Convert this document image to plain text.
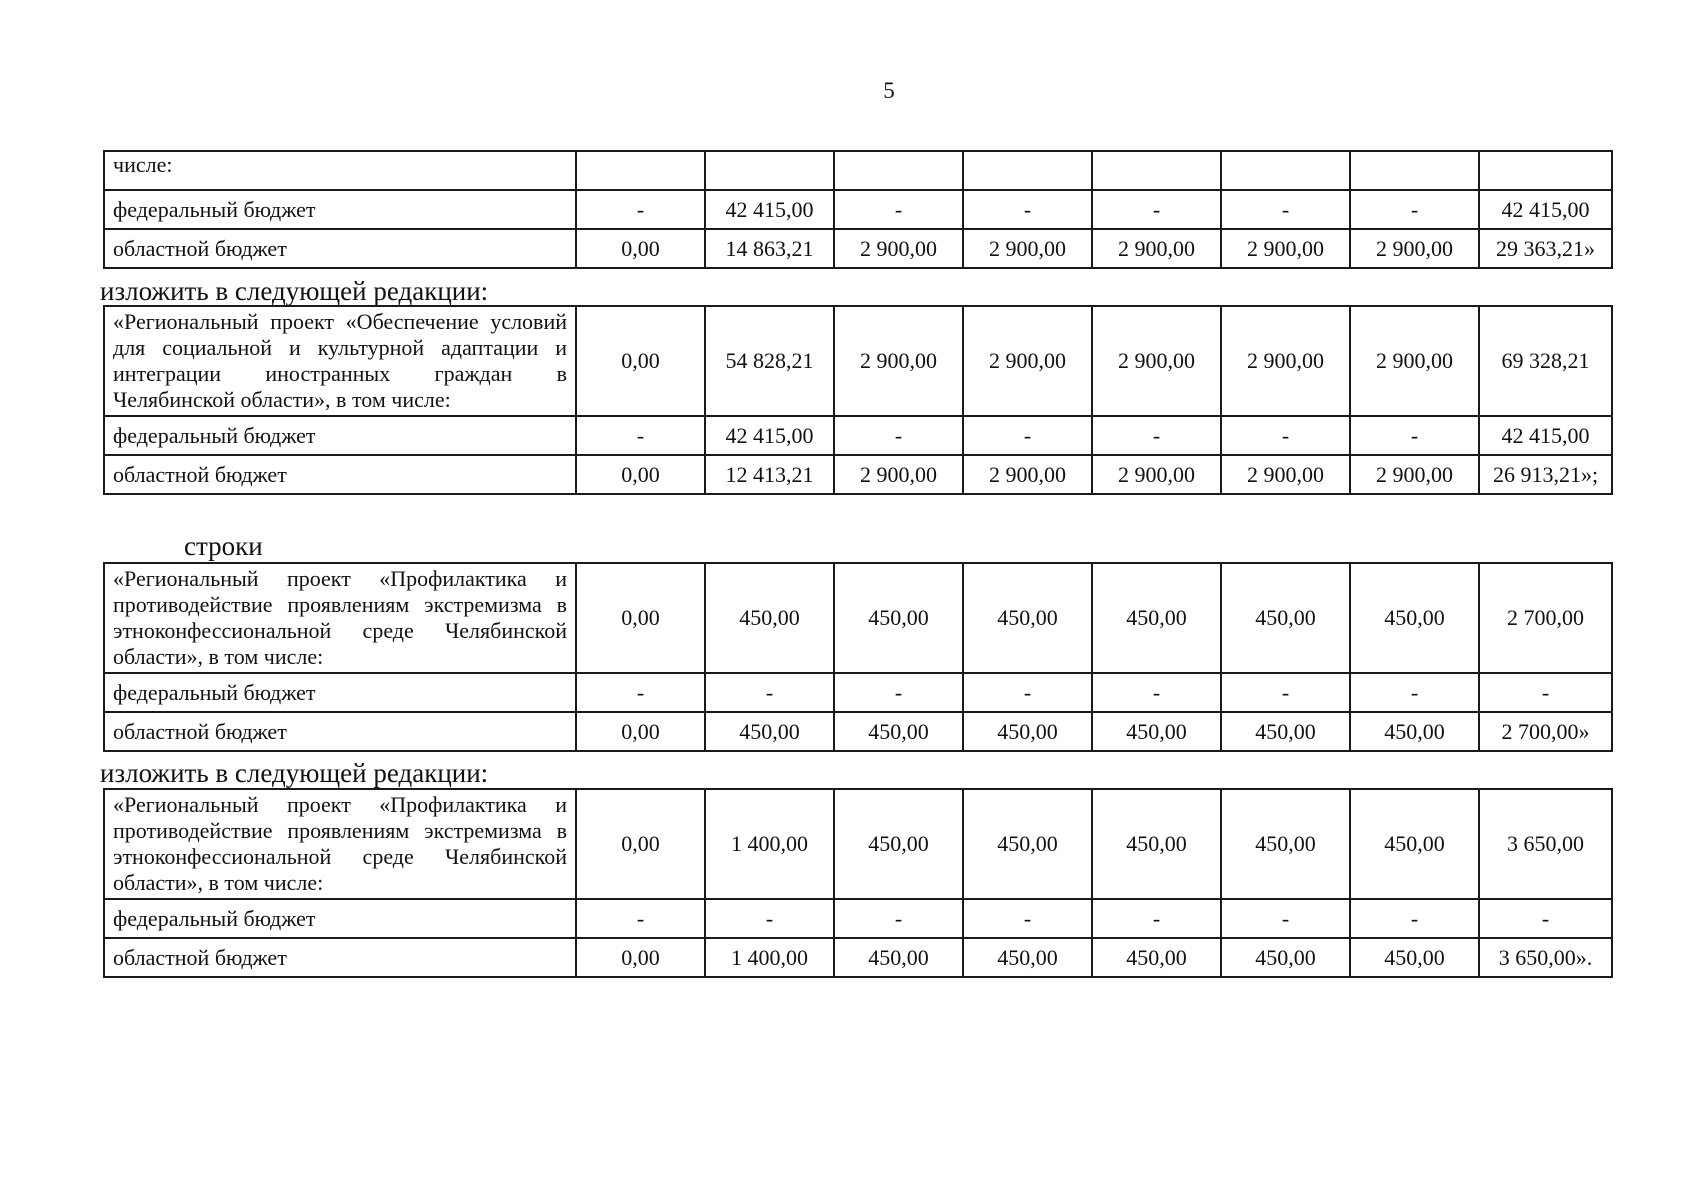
5
числе:								
федеральный бюджет	-	42 415,00	-	-	-	-	-	42 415,00
областной бюджет	0,00	14 863,21	2 900,00	2 900,00	2 900,00	2 900,00	2 900,00	29 363,21»
изложить в следующей редакции:
«Региональный проект «Обеспечение условий для социальной и культурной адаптации и интеграции иностранных граждан в Челябинской области», в том числе:	0,00	54 828,21	2 900,00	2 900,00	2 900,00	2 900,00	2 900,00	69 328,21
федеральный бюджет	-	42 415,00	-	-	-	-	-	42 415,00
областной бюджет	0,00	12 413,21	2 900,00	2 900,00	2 900,00	2 900,00	2 900,00	26 913,21»;
строки
«Региональный проект «Профилактика и противодействие проявлениям экстремизма в этноконфессиональной среде Челябинской области», в том числе:	0,00	450,00	450,00	450,00	450,00	450,00	450,00	2 700,00
федеральный бюджет	-	-	-	-	-	-	-	-
областной бюджет	0,00	450,00	450,00	450,00	450,00	450,00	450,00	2 700,00»
изложить в следующей редакции:
«Региональный проект «Профилактика и противодействие проявлениям экстремизма в этноконфессиональной среде Челябинской области», в том числе:	0,00	1 400,00	450,00	450,00	450,00	450,00	450,00	3 650,00
федеральный бюджет	-	-	-	-	-	-	-	-
областной бюджет	0,00	1 400,00	450,00	450,00	450,00	450,00	450,00	3 650,00».
